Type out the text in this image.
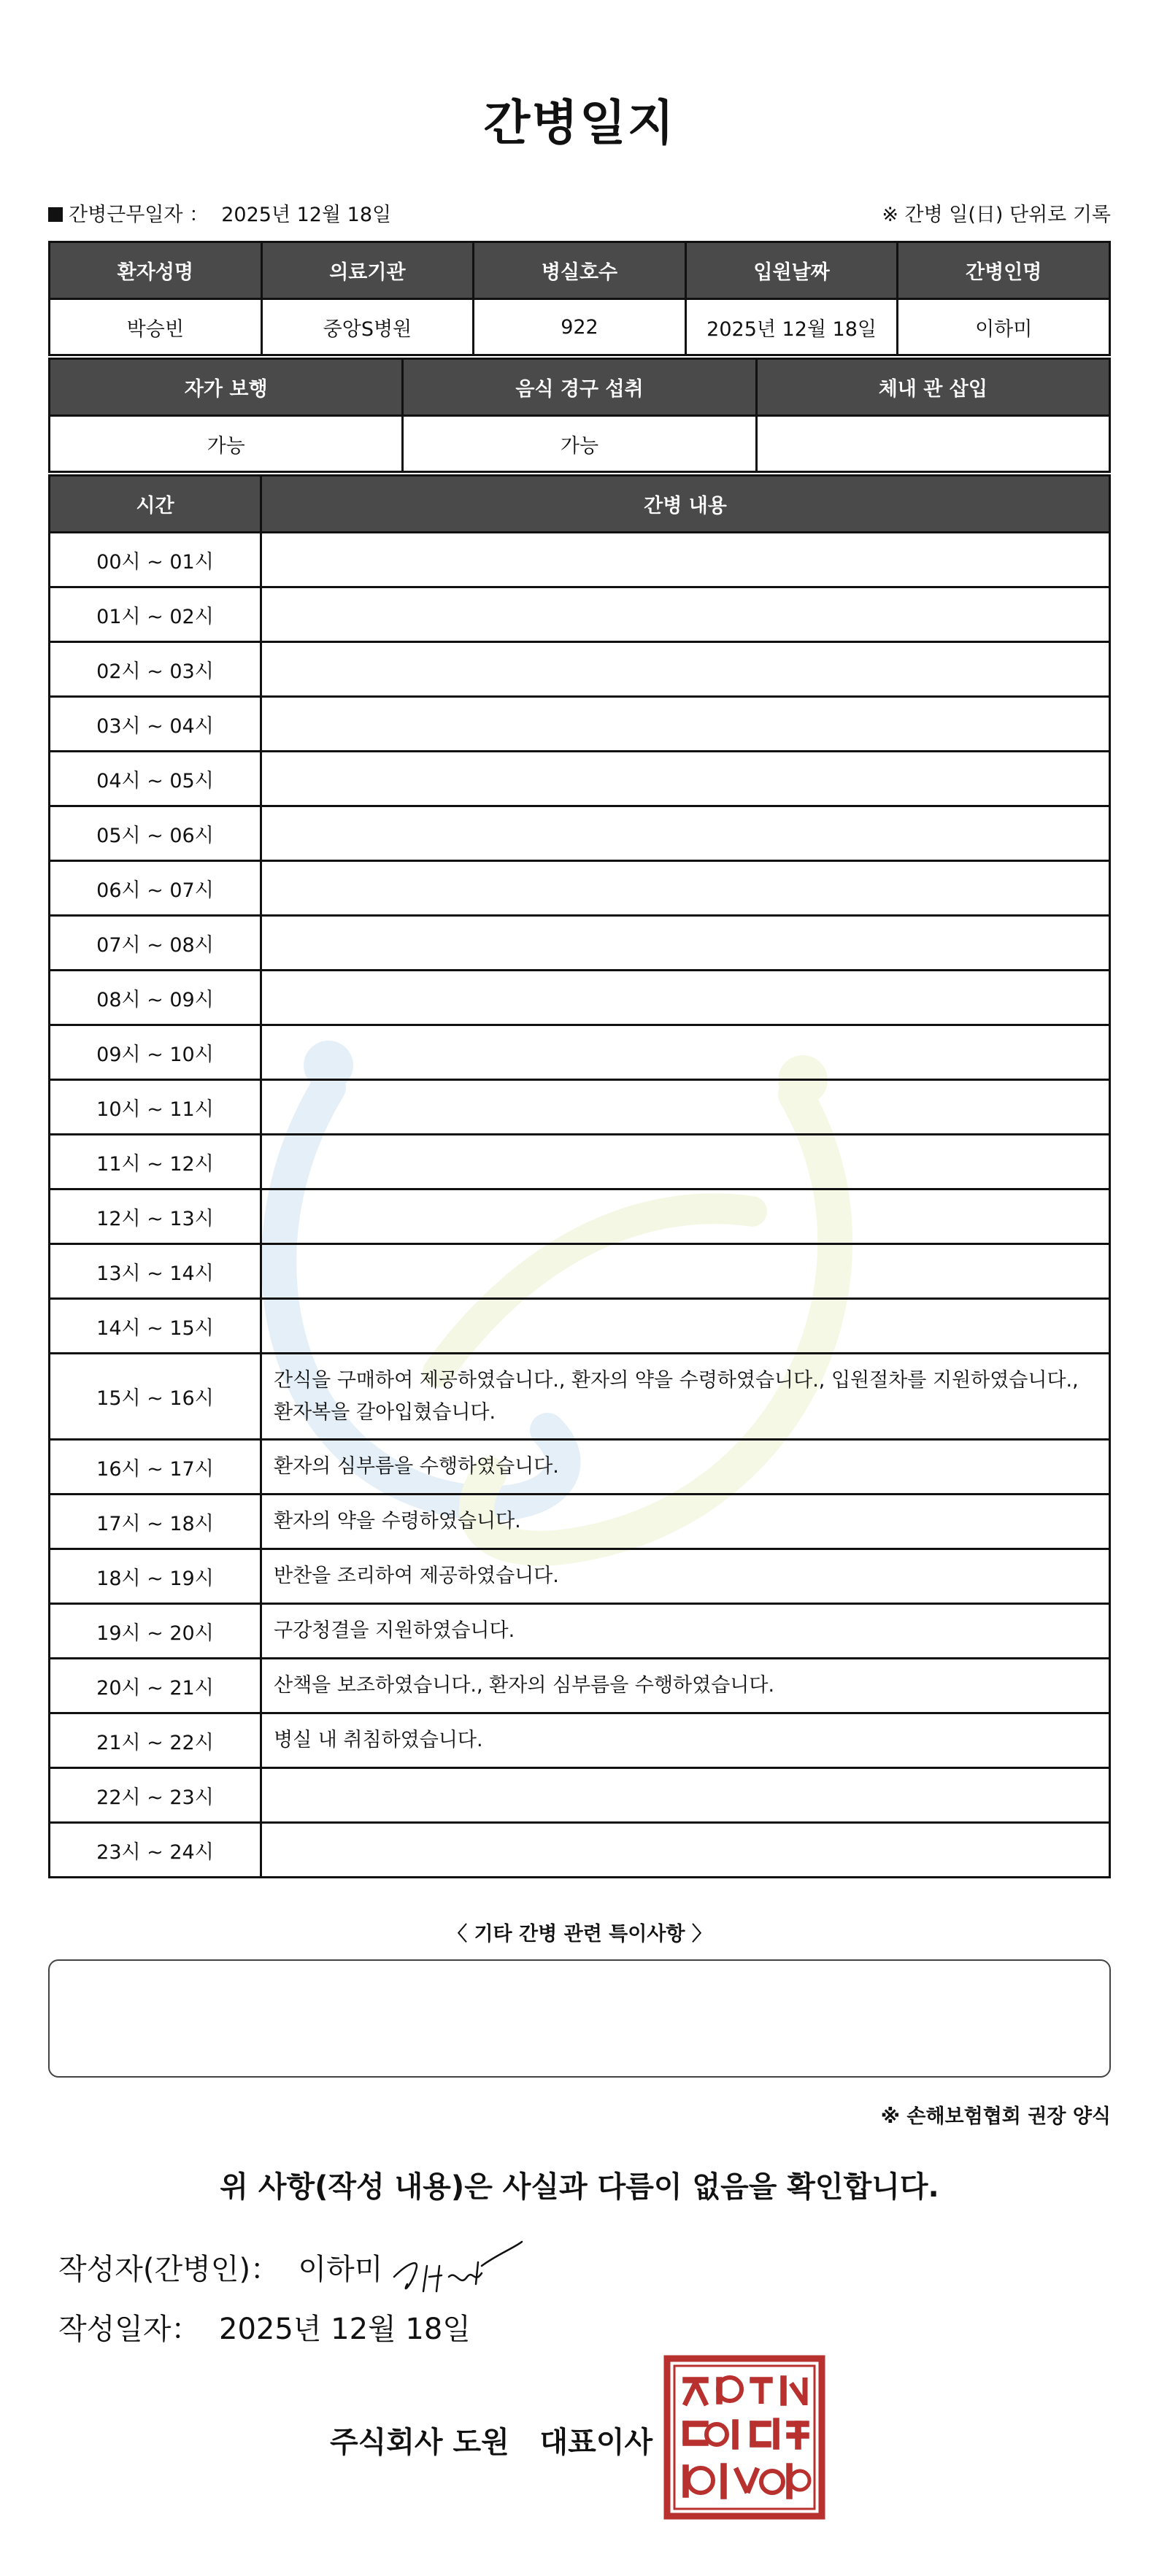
간병일지
간병근무일자 ： 2025년 12월 18일	※ 간병 일(日) 단위로 기록
환자성명	의료기관	병실호수	입원날짜	간병인명
박승빈	중앙S병원	922	2025년 12월 18일	이하미
자가 보행	음식 경구 섭취	체내 관 삽입
가능	가능	
시간	간병 내용
00시 ~ 01시	
01시 ~ 02시	
02시 ~ 03시	
03시 ~ 04시	
04시 ~ 05시	
05시 ~ 06시	
06시 ~ 07시	
07시 ~ 08시	
08시 ~ 09시	
09시 ~ 10시	
10시 ~ 11시	
11시 ~ 12시	
12시 ~ 13시	
13시 ~ 14시	
14시 ~ 15시	
15시 ~ 16시	간식을 구매하여 제공하였습니다., 환자의 약을 수령하였습니다., 입원절차를 지원하였습니다., 환자복을 갈아입혔습니다.
16시 ~ 17시	환자의 심부름을 수행하였습니다.
17시 ~ 18시	환자의 약을 수령하였습니다.
18시 ~ 19시	반찬을 조리하여 제공하였습니다.
19시 ~ 20시	구강청결을 지원하였습니다.
20시 ~ 21시	산책을 보조하였습니다., 환자의 심부름을 수행하였습니다.
21시 ~ 22시	병실 내 취침하였습니다.
22시 ~ 23시	
23시 ~ 24시	
〈 기타 간병 관련 특이사항 〉
※ 손해보험협회 권장 양식
위 사항(작성 내용)은 사실과 다름이 없음을 확인합니다.
작성자(간병인)： 이하미
작성일자： 2025년 12월 18일
주식회사 도원   대표이사
